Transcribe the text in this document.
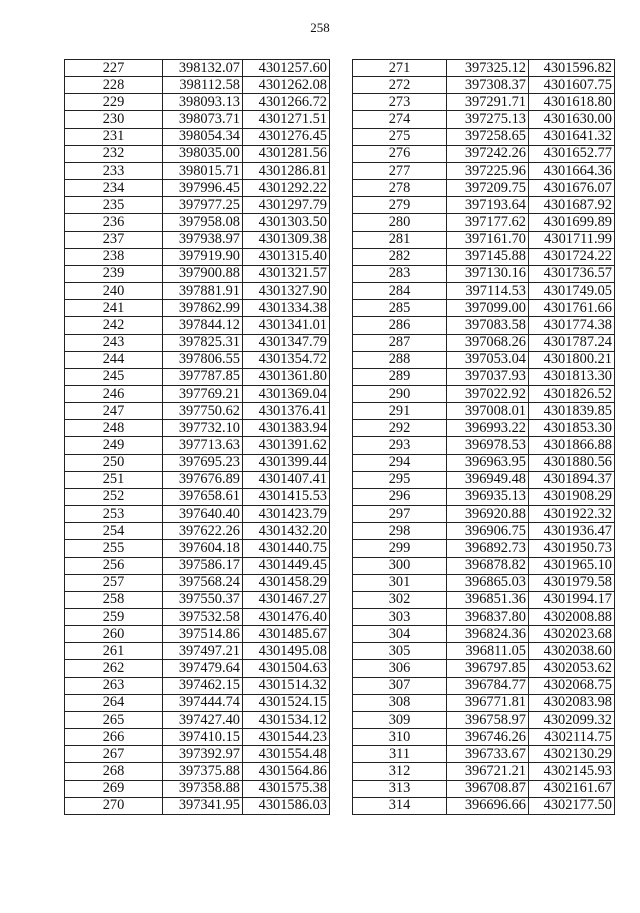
258
227	398132.07	4301257.60
228	398112.58	4301262.08
229	398093.13	4301266.72
230	398073.71	4301271.51
231	398054.34	4301276.45
232	398035.00	4301281.56
233	398015.71	4301286.81
234	397996.45	4301292.22
235	397977.25	4301297.79
236	397958.08	4301303.50
237	397938.97	4301309.38
238	397919.90	4301315.40
239	397900.88	4301321.57
240	397881.91	4301327.90
241	397862.99	4301334.38
242	397844.12	4301341.01
243	397825.31	4301347.79
244	397806.55	4301354.72
245	397787.85	4301361.80
246	397769.21	4301369.04
247	397750.62	4301376.41
248	397732.10	4301383.94
249	397713.63	4301391.62
250	397695.23	4301399.44
251	397676.89	4301407.41
252	397658.61	4301415.53
253	397640.40	4301423.79
254	397622.26	4301432.20
255	397604.18	4301440.75
256	397586.17	4301449.45
257	397568.24	4301458.29
258	397550.37	4301467.27
259	397532.58	4301476.40
260	397514.86	4301485.67
261	397497.21	4301495.08
262	397479.64	4301504.63
263	397462.15	4301514.32
264	397444.74	4301524.15
265	397427.40	4301534.12
266	397410.15	4301544.23
267	397392.97	4301554.48
268	397375.88	4301564.86
269	397358.88	4301575.38
270	397341.95	4301586.03
271	397325.12	4301596.82
272	397308.37	4301607.75
273	397291.71	4301618.80
274	397275.13	4301630.00
275	397258.65	4301641.32
276	397242.26	4301652.77
277	397225.96	4301664.36
278	397209.75	4301676.07
279	397193.64	4301687.92
280	397177.62	4301699.89
281	397161.70	4301711.99
282	397145.88	4301724.22
283	397130.16	4301736.57
284	397114.53	4301749.05
285	397099.00	4301761.66
286	397083.58	4301774.38
287	397068.26	4301787.24
288	397053.04	4301800.21
289	397037.93	4301813.30
290	397022.92	4301826.52
291	397008.01	4301839.85
292	396993.22	4301853.30
293	396978.53	4301866.88
294	396963.95	4301880.56
295	396949.48	4301894.37
296	396935.13	4301908.29
297	396920.88	4301922.32
298	396906.75	4301936.47
299	396892.73	4301950.73
300	396878.82	4301965.10
301	396865.03	4301979.58
302	396851.36	4301994.17
303	396837.80	4302008.88
304	396824.36	4302023.68
305	396811.05	4302038.60
306	396797.85	4302053.62
307	396784.77	4302068.75
308	396771.81	4302083.98
309	396758.97	4302099.32
310	396746.26	4302114.75
311	396733.67	4302130.29
312	396721.21	4302145.93
313	396708.87	4302161.67
314	396696.66	4302177.50
